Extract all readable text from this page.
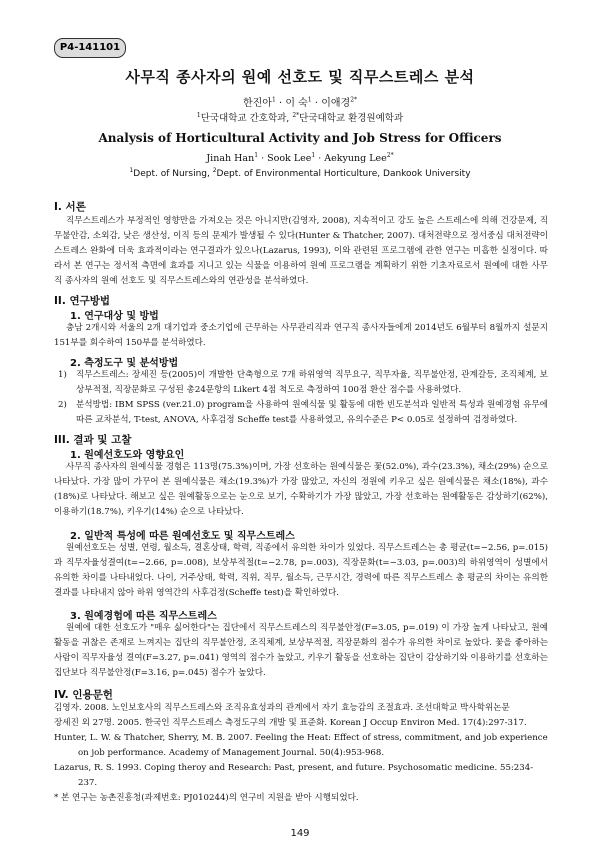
P4-141101
사무직 종사자의 원예 선호도 및 직무스트레스 분석
한진아$^1$ · 이 숙$^1$ · 이애경$^{2*}$
$^1$단국대학교 간호학과, $^{2*}$단국대학교 환경원예학과
Analysis of Horticultural Activity and Job Stress for Officers
Jinah Han$^1$ · Sook Lee$^1$ · Aekyung Lee$^{2*}$
$^1$Dept. of Nursing, $^2$Dept. of Environmental Horticulture, Dankook University
I. 서론

직무스트레스가 부정적인 영향만을 가져오는 것은 아니지만(김영자, 2008), 지속적이고 강도 높은 스트레스에 의해 건강문제, 직무불안감, 소외감, 낮은 생산성, 이직 등의 문제가 발생될 수 있다(Hunter & Thatcher, 2007). 대처전략으로 정서중심 대처전략이 스트레스 완화에 더욱 효과적이라는 연구결과가 있으나(Lazarus, 1993), 이와 관련된 프로그램에 관한 연구는 미흡한 실정이다. 따라서 본 연구는 정서적 측면에 효과를 지니고 있는 식물을 이용하여 원예 프로그램을 계획하기 위한 기초자료로서 원예에 대한 사무직 종사자의 원예 선호도 및 직무스트레스와의 연관성을 분석하였다.

II. 연구방법
1. 연구대상 및 방법

충남 2개시와 서울의 2개 대기업과 중소기업에 근무하는 사무관리직과 연구직 종사자들에게 2014년도 6월부터 8월까지 설문지 151부를 회수하여 150부를 분석하였다.

2. 측정도구 및 분석방법
1) 직무스트레스: 장세진 등(2005)이 개발한 단축형으로 7개 하위영역 직무요구, 직무자율, 직무불안정, 관계갈등, 조직체계, 보상부적절, 직장문화로 구성된 총24문항의 Likert 4점 척도로 측정하여 100점 환산 점수를 사용하였다.
2) 분석방법: IBM SPSS (ver.21.0) program을 사용하여 원예식물 및 활동에 대한 빈도분석과 일반적 특성과 원예경험 유무에 따른 교차분석, T-test, ANOVA, 사후검정 Scheffe test를 사용하였고, 유의수준은 P< 0.05로 설정하여 검정하였다.
III. 결과 및 고찰
1. 원예선호도와 영향요인

사무직 종사자의 원예식물 경험은 113명(75.3%)이며, 가장 선호하는 원예식물은 꽃(52.0%), 과수(23.3%), 채소(29%) 순으로 나타났다. 가장 많이 가꾸어 본 원예식물은 채소(19.3%)가 가장 많았고, 자신의 정원에 키우고 싶은 원예식물은 채소(18%), 과수(18%)로 나타났다. 해보고 싶은 원예활동으로는 눈으로 보기, 수확하기가 가장 많았고, 가장 선호하는 원예활동은 감상하기(62%), 이용하기(18.7%), 키우기(14%) 순으로 나타났다.

2. 일반적 특성에 따른 원예선호도 및 직무스트레스

원예선호도는 성별, 연령, 월소득, 결혼상태, 학력, 직종에서 유의한 차이가 있었다. 직무스트레스는 총 평균(t=−2.56, p=.015)과 직무자율성결여(t=−2.66, p=.008), 보상부적절(t=−2.78, p=.003), 직장문화(t=−3.03, p=.003)의 하위영역이 성별에서 유의한 차이를 나타내었다. 나이, 거주상태, 학력, 직위, 직무, 월소득, 근무시간, 경력에 따른 직무스트레스 총 평균의 차이는 유의한 결과를 나타내지 않아 하위 영역간의 사후검정(Scheffe test)을 확인하였다.

3. 원예경험에 따른 직무스트레스

원예에 대한 선호도가 "매우 싫어한다"는 집단에서 직무스트레스의 직무불안정(F=3.05, p=.019) 이 가장 높게 나타났고, 원예활동을 귀찮은 존재로 느껴지는 집단의 직무불안정, 조직체계, 보상부적절, 직장문화의 점수가 유의한 차이로 높았다. 꽃을 좋아하는 사람이 직무자율성 결여(F=3.27, p=.041) 영역의 점수가 높았고, 키우기 활동을 선호하는 집단이 감상하기와 이용하기를 선호하는 집단보다 직무불안정(F=3.16, p=.045) 점수가 높았다.

IV. 인용문헌
김영자. 2008. 노인보호사의 직무스트레스와 조직유효성과의 관계에서 자기 효능감의 조절효과. 조선대학교 박사학위논문
장세진 외 27명. 2005. 한국인 직무스트레스 측정도구의 개발 및 표준화. Korean J Occup Environ Med. 17(4):297-317.
Hunter, L. W. & Thatcher, Sherry, M. B. 2007. Feeling the Heat: Effect of stress, commitment, and job experience on job performance. Academy of Management Journal. 50(4):953-968.
Lazarus, R. S. 1993. Coping theroy and Research: Past, present, and future. Psychosomatic medicine. 55:234-237.
* 본 연구는 농촌진흥청(과제번호: PJ010244)의 연구비 지원을 받아 시행되었다.
149
